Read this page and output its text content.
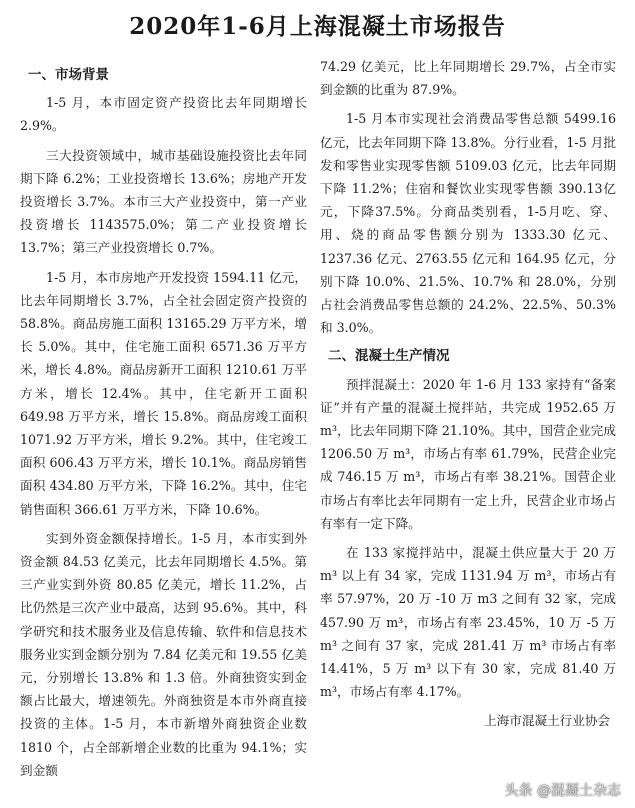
2020年1-6月上海混凝土市场报告
一、市场背景

1-5 月，本市固定资产投资比去年同期增长 2.9%。

三大投资领域中，城市基础设施投资比去年同期下降 6.2%；工业投资增长 13.6%；房地产开发投资增长 3.7%。本市三大产业投资中，第一产业投资增长 1143575.0%；第二产业投资增长 13.7%；第三产业投资增长 0.7%。

1-5 月，本市房地产开发投资 1594.11 亿元，比去年同期增长 3.7%，占全社会固定资产投资的 58.8%。商品房施工面积 13165.29 万平方米，增长 5.0%。其中，住宅施工面积 6571.36 万平方米，增长 4.8%。商品房新开工面积 1210.61 万平方米，增长 12.4%。其中，住宅新开工面积 649.98 万平方米，增长 15.8%。商品房竣工面积 1071.92 万平方米，增长 9.2%。其中，住宅竣工面积 606.43 万平方米，增长 10.1%。商品房销售面积 434.80 万平方米，下降 16.2%。其中，住宅销售面积 366.61 万平方米，下降 10.6%。

实到外资金额保持增长。1-5 月，本市实到外资金额 84.53 亿美元，比去年同期增长 4.5%。第三产业实到外资 80.85 亿美元，增长 11.2%，占比仍然是三次产业中最高，达到 95.6%。其中，科学研究和技术服务业及信息传输、软件和信息技术服务业实到金额分别为 7.84 亿美元和 19.55 亿美元，分别增长 13.8% 和 1.3 倍。外商独资实到金额占比最大，增速领先。外商独资是本市外商直接投资的主体。1-5 月，本市新增外商独资企业数 1810 个，占全部新增企业数的比重为 94.1%；实到金额

74.29 亿美元，比上年同期增长 29.7%，占全市实到金额的比重为 87.9%。

1-5 月本市实现社会消费品零售总额 5499.16 亿元，比去年同期下降 13.8%。分行业看，1-5 月批发和零售业实现零售额 5109.03 亿元，比去年同期下降 11.2%；住宿和餐饮业实现零售额 390.13亿元，下降37.5%。分商品类别看，1-5月吃、穿、用、烧的商品零售额分别为 1333.30 亿元、1237.36 亿元、2763.55 亿元和 164.95 亿元，分别下降 10.0%、21.5%、10.7% 和 28.0%，分别占社会消费品零售总额的 24.2%、22.5%、50.3% 和 3.0%。

二、混凝土生产情况

预拌混凝土：2020 年 1-6 月 133 家持有“备案证”并有产量的混凝土搅拌站，共完成 1952.65 万 m³，比去年同期下降 21.10%。其中，国营企业完成 1206.50 万 m³，市场占有率 61.79%，民营企业完成 746.15 万 m³，市场占有率 38.21%。国营企业市场占有率比去年同期有一定上升，民营企业市场占有率有一定下降。

在 133 家搅拌站中，混凝土供应量大于 20 万 m³ 以上有 34 家，完成 1131.94 万 m³，市场占有率 57.97%，20 万 -10 万 m3 之间有 32 家，完成 457.90 万 m³，市场占有率 23.45%，10 万 -5 万 m³ 之间有 37 家，完成 281.41 万 m³ 市场占有率 14.41%，5 万 m³ 以下有 30 家，完成 81.40 万 m³，市场占有率 4.17%。

上海市混凝土行业协会
头条 @混凝土杂志
